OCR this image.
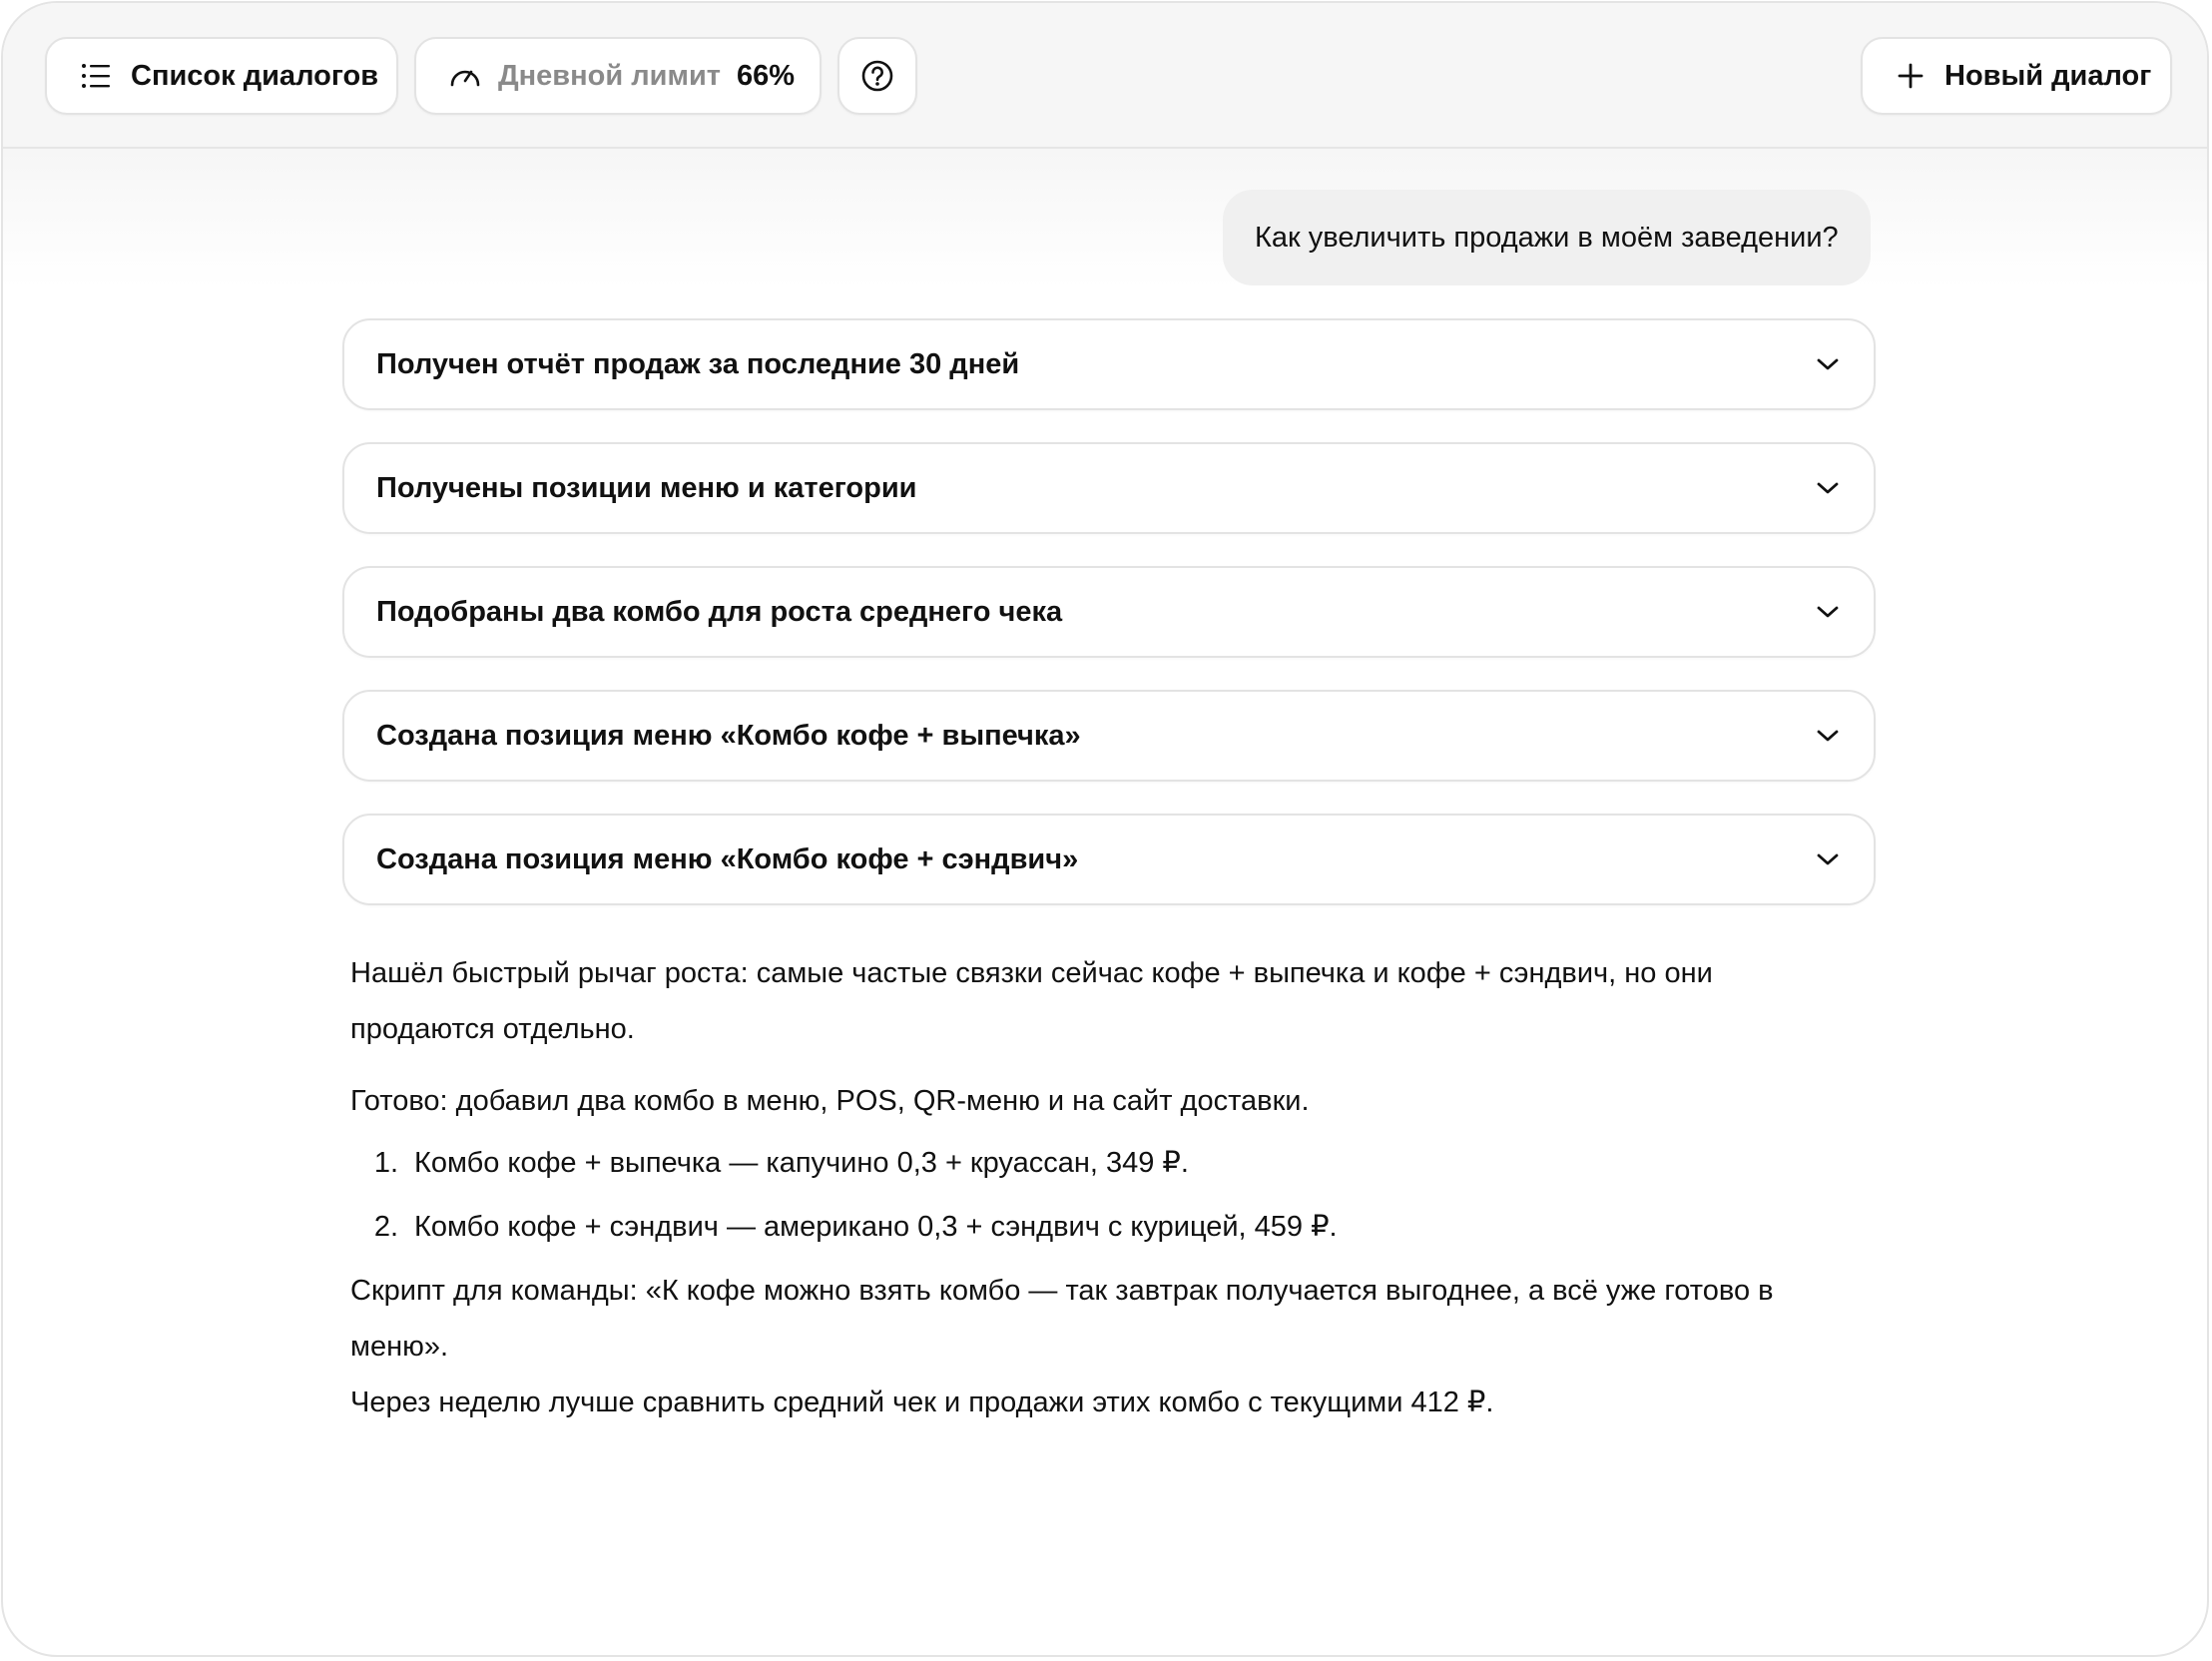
Список диалогов	Дневной лимит 66%	Новый диалог
Как увеличить продажи в моём заведении?
Получен отчёт продаж за последние 30 дней
Получены позиции меню и категории
Подобраны два комбо для роста среднего чека
Создана позиция меню «Комбо кофе + выпечка»
Создана позиция меню «Комбо кофе + сэндвич»

Нашёл быстрый рычаг роста: самые частые связки сейчас кофе + выпечка и кофе + сэндвич, но они продаются отдельно.

Готово: добавил два комбо в меню, POS, QR-меню и на сайт доставки.

1. Комбо кофе + выпечка — капучино 0,3 + круассан, 349 ₽.
2. Комбо кофе + сэндвич — американо 0,3 + сэндвич с курицей, 459 ₽.

Скрипт для команды: «К кофе можно взять комбо — так завтрак получается выгоднее, а всё уже готово в меню».

Через неделю лучше сравнить средний чек и продажи этих комбо с текущими 412 ₽.
